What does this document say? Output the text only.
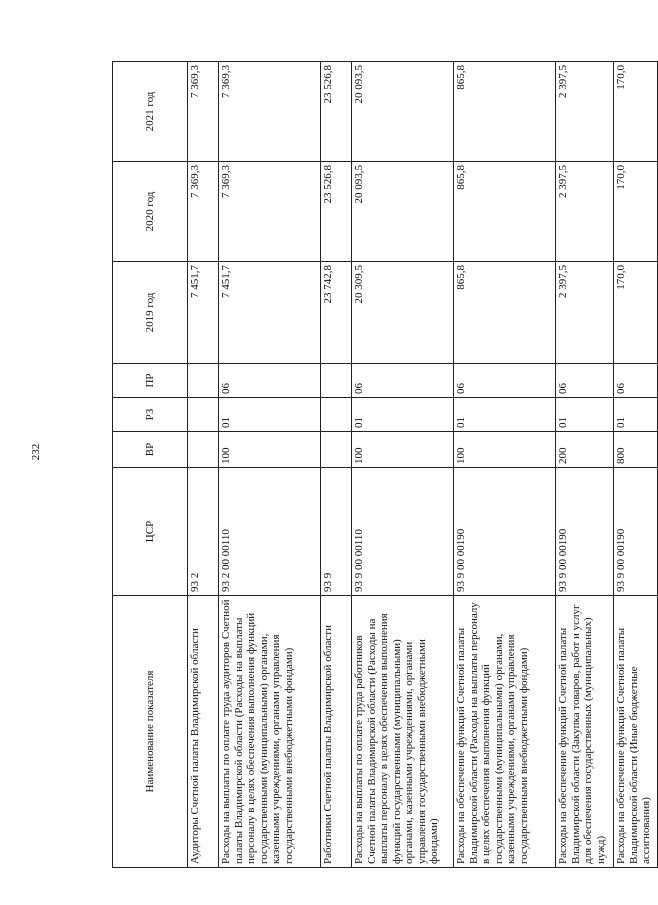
232
Наименование показателя	ЦСР	ВР	РЗ	ПР	2019 год	2020 год	2021 год
Аудиторы Счетной палаты Владимирской области	93 2				7 451,7	7 369,3	7 369,3
Расходы на выплаты по оплате труда аудиторов Счетной палаты Владимирской области (Расходы на выплаты персоналу в целях обеспечения выполнения функций государственными (муниципальными) органами, казенными учреждениями, органами управления государственными внебюджетными фондами)	93 2 00 00110	100	01	06	7 451,7	7 369,3	7 369,3
Работники Счетной палаты Владимирской области	93 9				23 742,8	23 526,8	23 526,8
Расходы на выплаты по оплате труда работников Счетной палаты Владимирской области (Расходы на выплаты персоналу в целях обеспечения выполнения функций государственными (муниципальными) органами, казенными учреждениями, органами управления государственными внебюджетными фондами)	93 9 00 00110	100	01	06	20 309,5	20 093,5	20 093,5
Расходы на обеспечение функций Счетной палаты Владимирской области (Расходы на выплаты персоналу в целях обеспечения выполнения функций государственными (муниципальными) органами, казенными учреждениями, органами управления государственными внебюджетными фондами)	93 9 00 00190	100	01	06	865,8	865,8	865,8
Расходы на обеспечение функций Счетной палаты Владимирской области (Закупка товаров, работ и услуг для обеспечения государственных (муниципальных) нужд)	93 9 00 00190	200	01	06	2 397,5	2 397,5	2 397,5
Расходы на обеспечение функций Счетной палаты Владимирской области (Иные бюджетные ассигнования)	93 9 00 00190	800	01	06	170,0	170,0	170,0
